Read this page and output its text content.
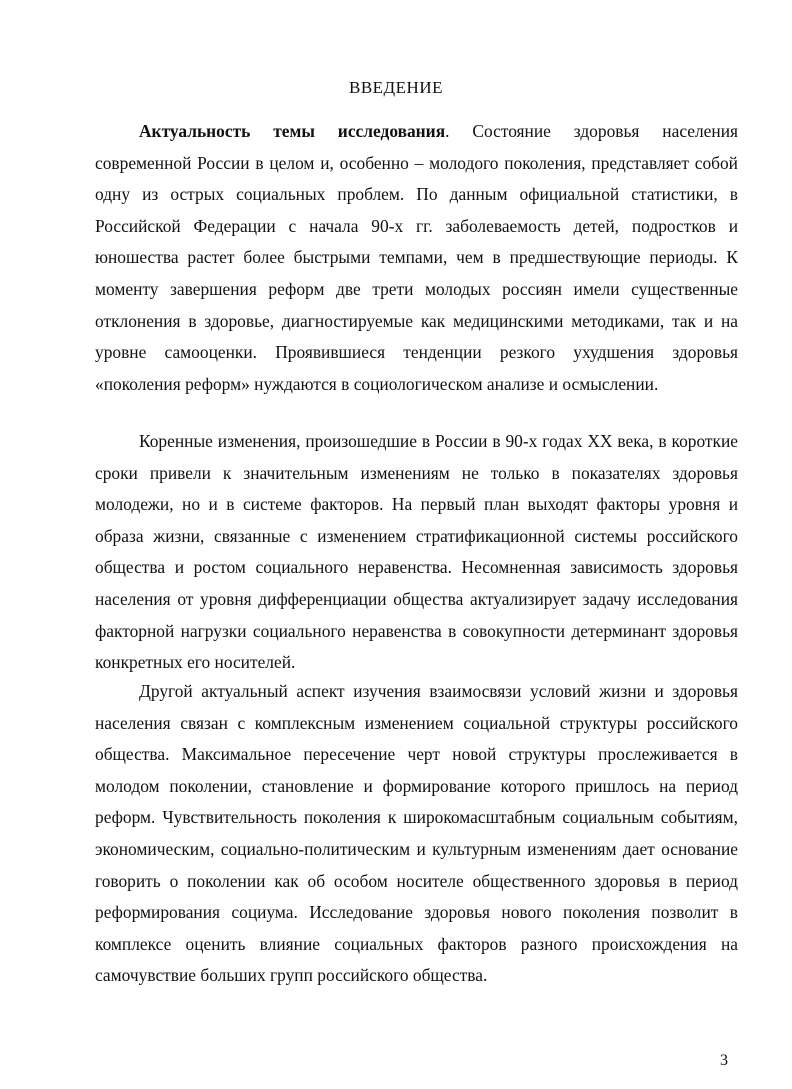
ВВЕДЕНИЕ

Актуальность темы исследования. Состояние здоровья населения современной России в целом и, особенно – молодого поколения, представляет собой одну из острых социальных проблем. По данным официальной статистики, в Российской Федерации с начала 90-х гг. заболеваемость детей, подростков и юношества растет более быстрыми темпами, чем в предшествующие периоды. К моменту завершения реформ две трети молодых россиян имели существенные отклонения в здоровье, диагностируемые как медицинскими методиками, так и на уровне самооценки. Проявившиеся тенденции резкого ухудшения здоровья «поколения реформ» нуждаются в социологическом анализе и осмыслении.

Коренные изменения, произошедшие в России в 90-х годах XX века, в короткие сроки привели к значительным изменениям не только в показателях здоровья молодежи, но и в системе факторов. На первый план выходят факторы уровня и образа жизни, связанные с изменением стратификационной системы российского общества и ростом социального неравенства. Несомненная зависимость здоровья населения от уровня дифференциации общества актуализирует задачу исследования факторной нагрузки социального неравенства в совокупности детерминант здоровья конкретных его носителей.

Другой актуальный аспект изучения взаимосвязи условий жизни и здоровья населения связан с комплексным изменением социальной структуры российского общества. Максимальное пересечение черт новой структуры прослеживается в молодом поколении, становление и формирование которого пришлось на период реформ. Чувствительность поколения к широкомасштабным социальным событиям, экономическим, социально-политическим и культурным изменениям дает основание говорить о поколении как об особом носителе общественного здоровья в период реформирования социума. Исследование здоровья нового поколения позволит в комплексе оценить влияние социальных факторов разного происхождения на самочувствие больших групп российского общества.

3
